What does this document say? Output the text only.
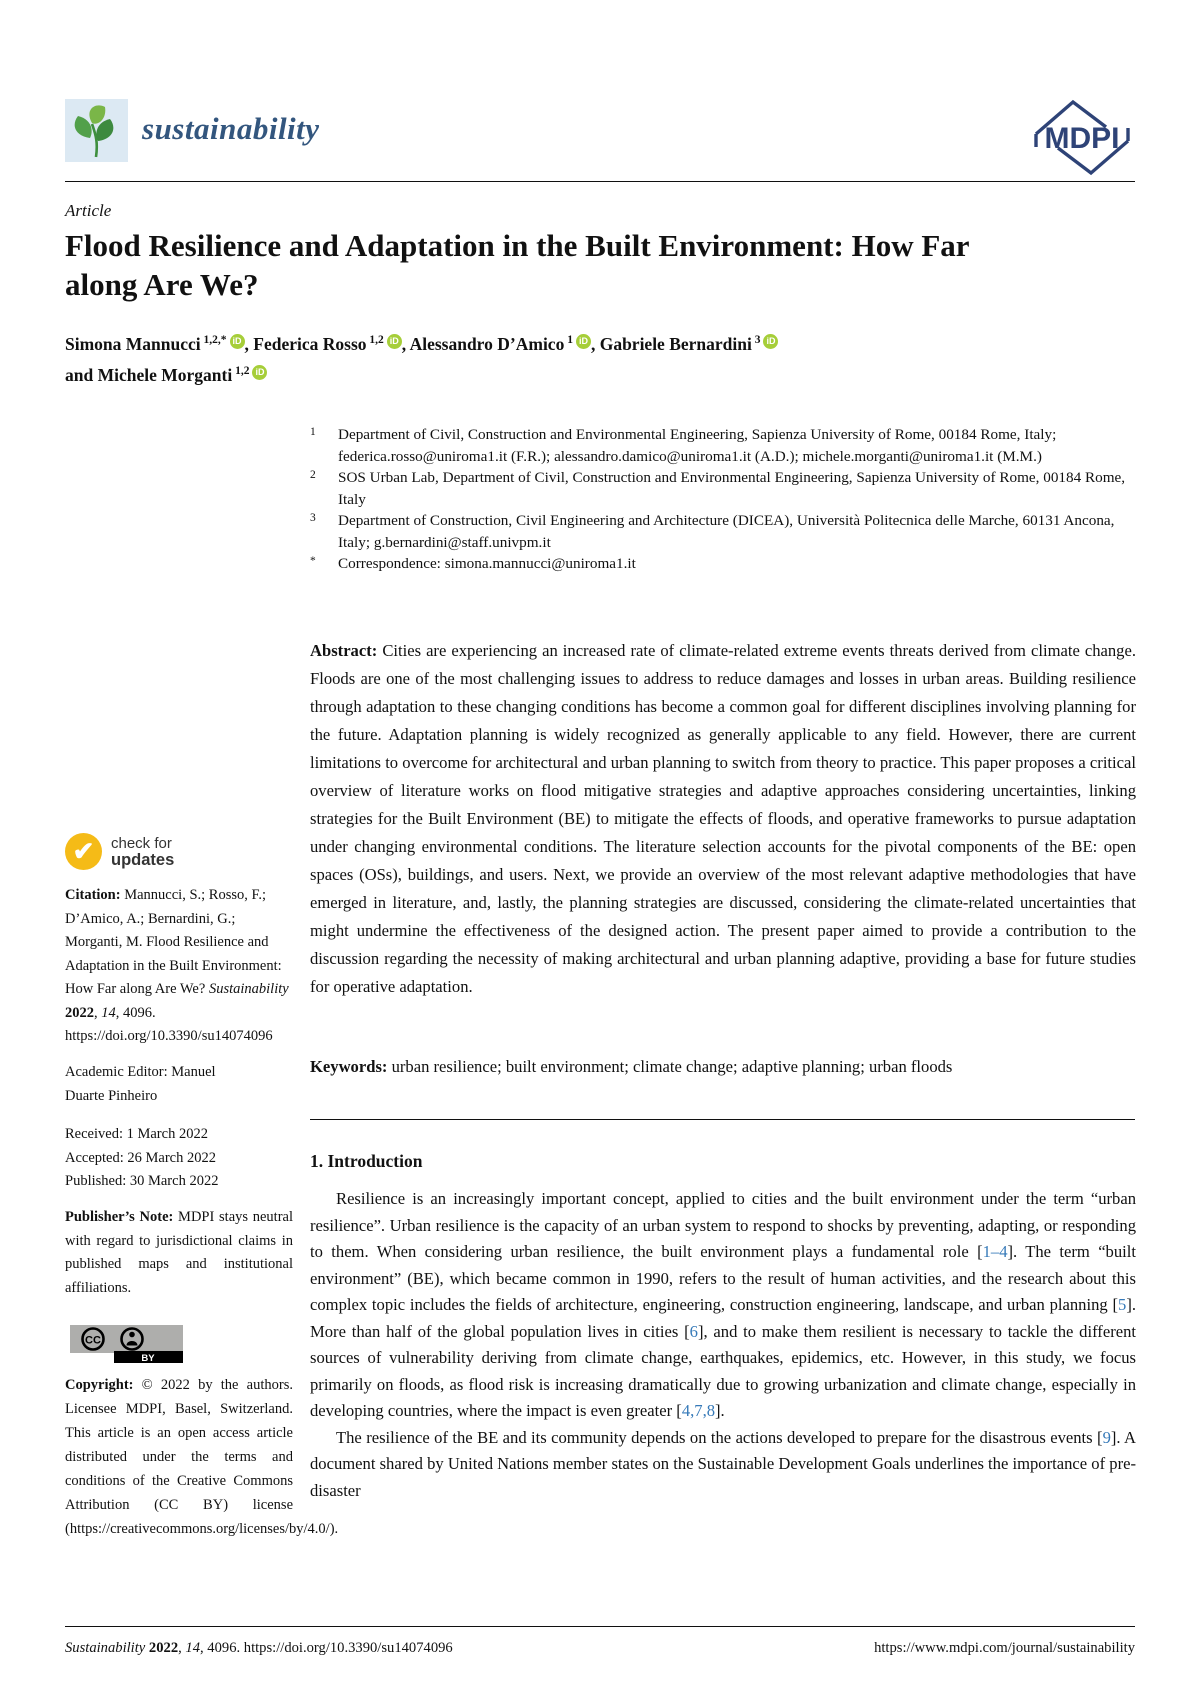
sustainability	MDPI
Article
Flood Resilience and Adaptation in the Built Environment: How Far along Are We?
Simona Mannucci $^{1,2,*}$ iD , Federica Rosso $^{1,2}$ iD , Alessandro D’Amico $^1$ iD , Gabriele Bernardini $^3$ iD
and Michele Morganti $^{1,2}$ iD
1	Department of Civil, Construction and Environmental Engineering, Sapienza University of Rome, 00184 Rome, Italy; federica.rosso@uniroma1.it (F.R.); alessandro.damico@uniroma1.it (A.D.); michele.morganti@uniroma1.it (M.M.)
2	SOS Urban Lab, Department of Civil, Construction and Environmental Engineering, Sapienza University of Rome, 00184 Rome, Italy
3	Department of Construction, Civil Engineering and Architecture (DICEA), Università Politecnica delle Marche, 60131 Ancona, Italy; g.bernardini@staff.univpm.it
*	Correspondence: simona.mannucci@uniroma1.it
Abstract: Cities are experiencing an increased rate of climate-related extreme events threats derived from climate change. Floods are one of the most challenging issues to address to reduce damages and losses in urban areas. Building resilience through adaptation to these changing conditions has become a common goal for different disciplines involving planning for the future. Adaptation planning is widely recognized as generally applicable to any field. However, there are current limitations to overcome for architectural and urban planning to switch from theory to practice. This paper proposes a critical overview of literature works on flood mitigative strategies and adaptive approaches considering uncertainties, linking strategies for the Built Environment (BE) to mitigate the effects of floods, and operative frameworks to pursue adaptation under changing environmental conditions. The literature selection accounts for the pivotal components of the BE: open spaces (OSs), buildings, and users. Next, we provide an overview of the most relevant adaptive methodologies that have emerged in literature, and, lastly, the planning strategies are discussed, considering the climate-related uncertainties that might undermine the effectiveness of the designed action. The present paper aimed to provide a contribution to the discussion regarding the necessity of making architectural and urban planning adaptive, providing a base for future studies for operative adaptation.
Keywords: urban resilience; built environment; climate change; adaptive planning; urban floods
✔	check for
updates
Citation: Mannucci, S.; Rosso, F.; D’Amico, A.; Bernardini, G.; Morganti, M. Flood Resilience and Adaptation in the Built Environment: How Far along Are We? Sustainability 2022, 14, 4096. https://doi.org/10.3390/su14074096
Academic Editor: Manuel
Duarte Pinheiro
Received: 1 March 2022
Accepted: 26 March 2022
Published: 30 March 2022
Publisher’s Note: MDPI stays neutral with regard to jurisdictional claims in published maps and institutional affiliations.
CC
BY
Copyright: © 2022 by the authors. Licensee MDPI, Basel, Switzerland. This article is an open access article distributed under the terms and conditions of the Creative Commons Attribution (CC BY) license (https://creativecommons.org/licenses/by/4.0/).
1. Introduction

Resilience is an increasingly important concept, applied to cities and the built environment under the term “urban resilience”. Urban resilience is the capacity of an urban system to respond to shocks by preventing, adapting, or responding to them. When considering urban resilience, the built environment plays a fundamental role [1–4]. The term “built environment” (BE), which became common in 1990, refers to the result of human activities, and the research about this complex topic includes the fields of architecture, engineering, construction engineering, landscape, and urban planning [5]. More than half of the global population lives in cities [6], and to make them resilient is necessary to tackle the different sources of vulnerability deriving from climate change, earthquakes, epidemics, etc. However, in this study, we focus primarily on floods, as flood risk is increasing dramatically due to growing urbanization and climate change, especially in developing countries, where the impact is even greater [4,7,8].

The resilience of the BE and its community depends on the actions developed to prepare for the disastrous events [9]. A document shared by United Nations member states on the Sustainable Development Goals underlines the importance of pre-disaster

Sustainability 2022, 14, 4096. https://doi.org/10.3390/su14074096	https://www.mdpi.com/journal/sustainability
